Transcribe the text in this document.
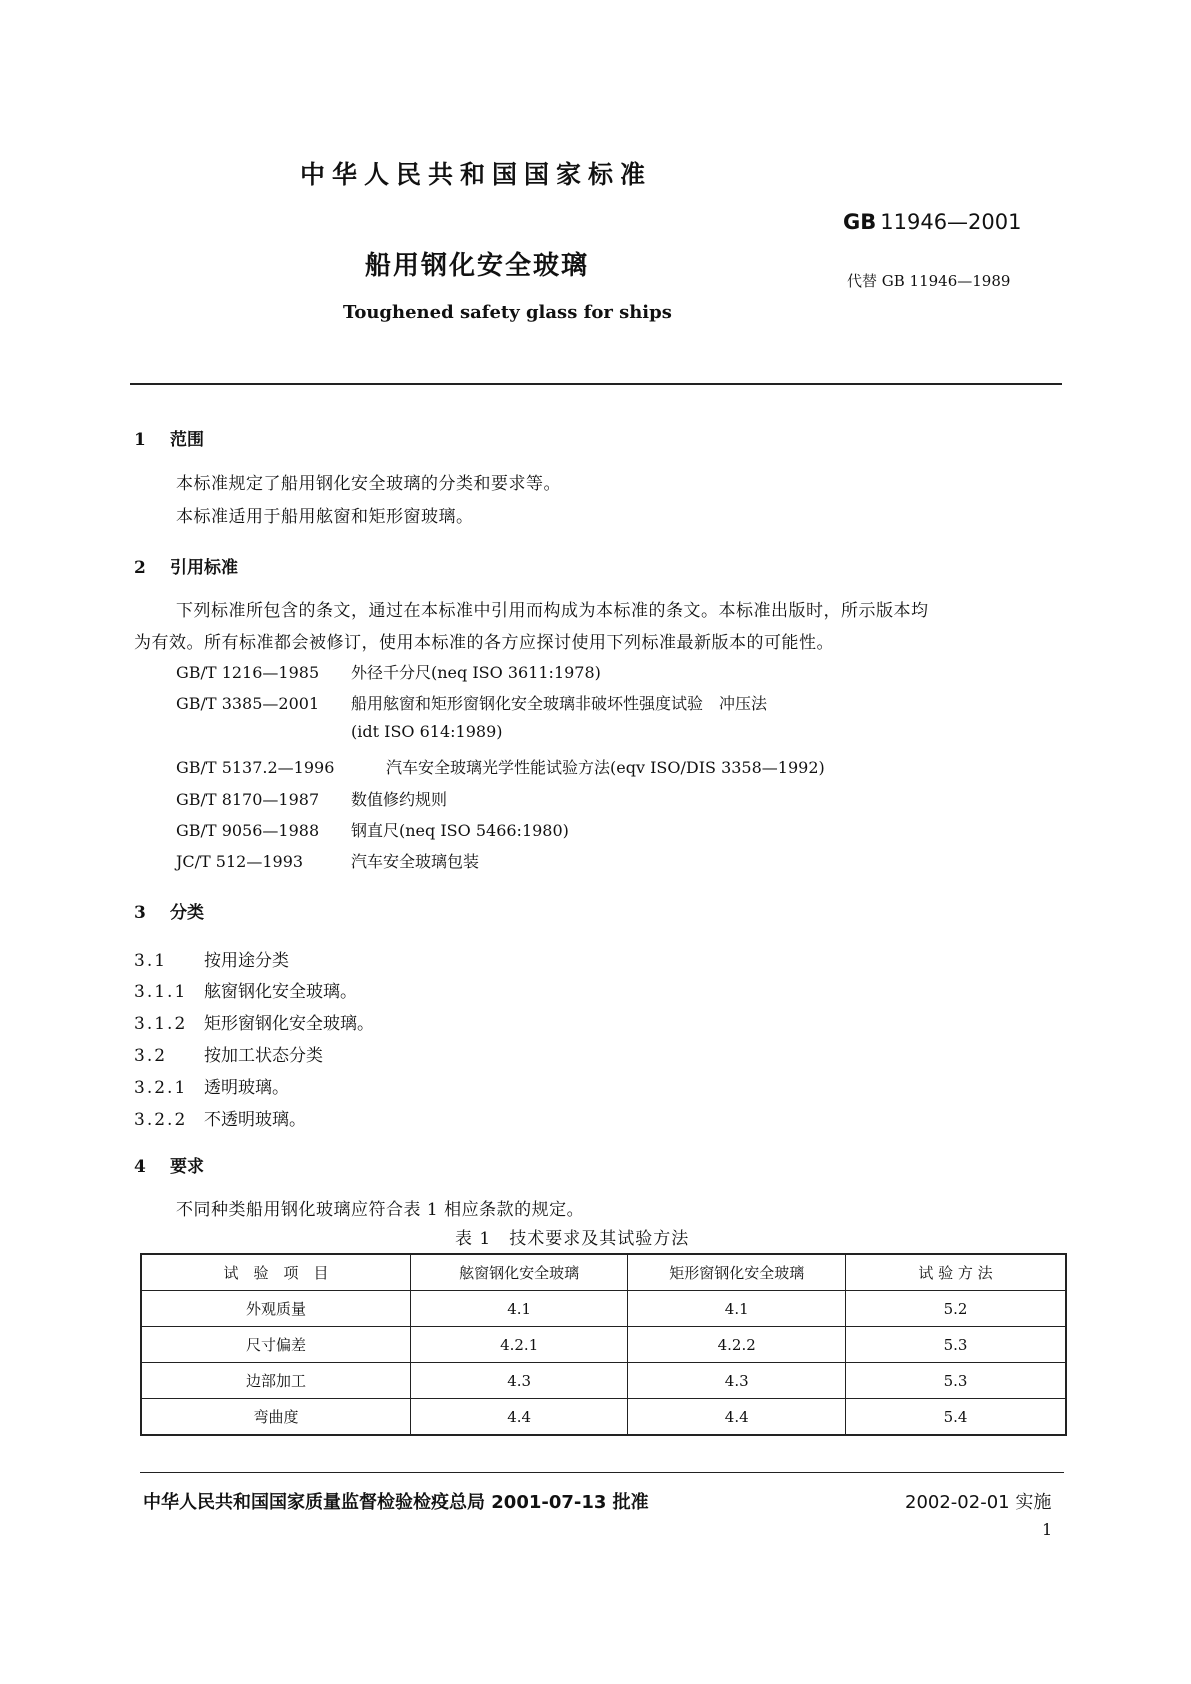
中华人民共和国国家标准
GB 11946—2001
船用钢化安全玻璃	代替 GB 11946—1989
Toughened safety glass for ships
1 范围
本标准规定了船用钢化安全玻璃的分类和要求等。
本标准适用于船用舷窗和矩形窗玻璃。
2 引用标准
下列标准所包含的条文，通过在本标准中引用而构成为本标准的条文。本标准出版时，所示版本均
为有效。所有标准都会被修订，使用本标准的各方应探讨使用下列标准最新版本的可能性。
GB/T 1216—1985 外径千分尺(neq ISO 3611:1978)
GB/T 3385—2001 船用舷窗和矩形窗钢化安全玻璃非破坏性强度试验　冲压法
(idt ISO 614:1989)
GB/T 5137.2—1996	汽车安全玻璃光学性能试验方法(eqv ISO/DIS 3358—1992)
GB/T 8170—1987 数值修约规则
GB/T 9056—1988 钢直尺(neq ISO 5466:1980)
JC/T 512—1993	汽车安全玻璃包装
3 分类
3.1 按用途分类
3.1.1 舷窗钢化安全玻璃。
3.1.2 矩形窗钢化安全玻璃。
3.2 按加工状态分类
3.2.1 透明玻璃。
3.2.2 不透明玻璃。
4 要求
不同种类船用钢化玻璃应符合表 1 相应条款的规定。
表 1　技术要求及其试验方法
试　验　项　目	舷窗钢化安全玻璃	矩形窗钢化安全玻璃	试 验 方 法
外观质量	4.1	4.1	5.2
尺寸偏差	4.2.1	4.2.2	5.3
边部加工	4.3	4.3	5.3
弯曲度	4.4	4.4	5.4
中华人民共和国国家质量监督检验检疫总局 2001-07-13 批准	2002-02-01 实施
1
